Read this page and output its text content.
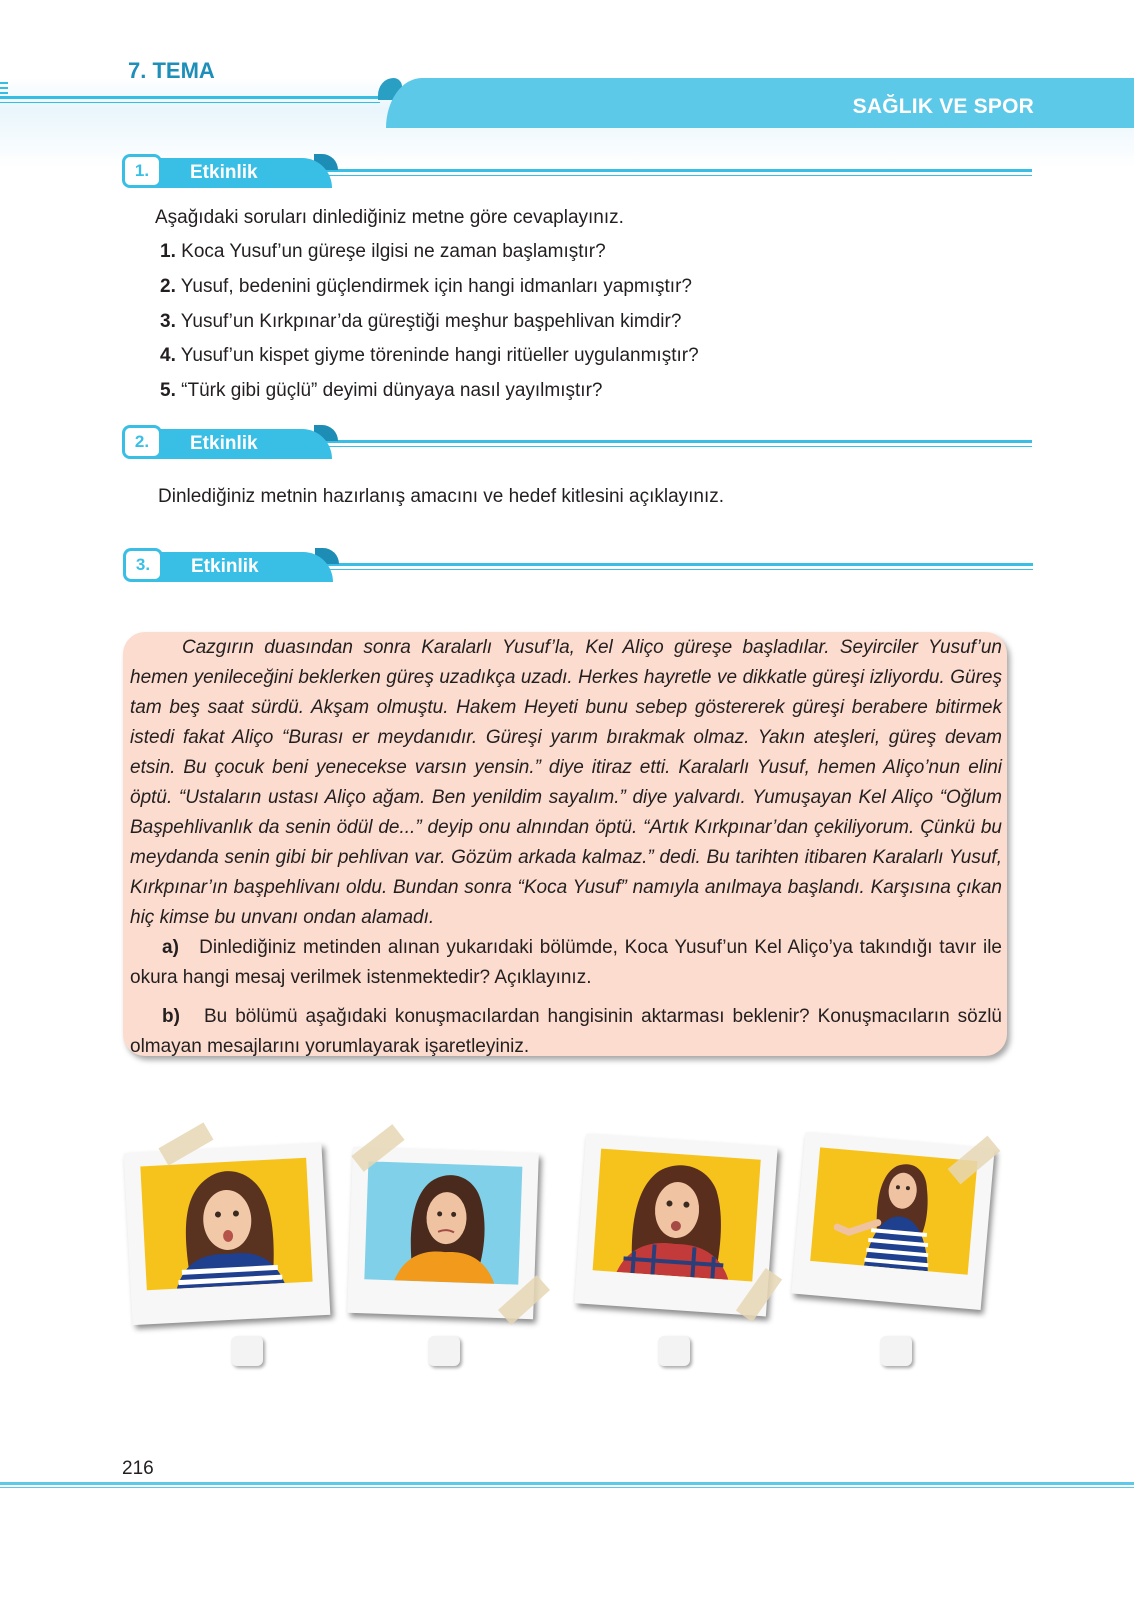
7. TEMA
SAĞLIK VE SPOR
1.	Etkinlik
Aşağıdaki soruları dinlediğiniz metne göre cevaplayınız.
1. Koca Yusuf’un güreşe ilgisi ne zaman başlamıştır?
2. Yusuf, bedenini güçlendirmek için hangi idmanları yapmıştır?
3. Yusuf’un Kırkpınar’da güreştiği meşhur başpehlivan kimdir?
4. Yusuf’un kispet giyme töreninde hangi ritüeller uygulanmıştır?
5. “Türk gibi güçlü” deyimi dünyaya nasıl yayılmıştır?
2.	Etkinlik
Dinlediğiniz metnin hazırlanış amacını ve hedef kitlesini açıklayınız.
3.	Etkinlik
Cazgırın duasından sonra Karalarlı Yusuf’la, Kel Aliço güreşe başladılar. Seyirciler Yusuf’un hemen yenileceğini beklerken güreş uzadıkça uzadı. Herkes hayretle ve dikkatle güreşi izliyordu. Güreş tam beş saat sürdü. Akşam olmuştu. Hakem Heyeti bunu sebep göstererek güreşi berabere bitirmek istedi fakat Aliço “Burası er meydanıdır. Güreşi yarım bırakmak olmaz. Yakın ateşleri, güreş devam etsin. Bu çocuk beni yenecekse varsın yensin.” diye itiraz etti. Karalarlı Yusuf, hemen Aliço’nun elini öptü. “Ustaların ustası Aliço ağam. Ben yenildim sayalım.” diye yalvardı. Yumuşayan Kel Aliço “Oğlum Başpehlivanlık da senin ödül de...” deyip onu alnından öptü. “Artık Kırkpınar’dan çekiliyorum. Çünkü bu meydanda senin gibi bir pehlivan var. Gözüm arkada kalmaz.” dedi. Bu tarihten itibaren Karalarlı Yusuf, Kırkpınar’ın başpehlivanı oldu. Bundan sonra “Koca Yusuf” namıyla anılmaya başlandı. Karşısına çıkan hiç kimse bu unvanı ondan alamadı.
a) Dinlediğiniz metinden alınan yukarıdaki bölümde, Koca Yusuf’un Kel Aliço’ya takındığı tavır ile okura hangi mesaj verilmek istenmektedir? Açıklayınız.
b) Bu bölümü aşağıdaki konuşmacılardan hangisinin aktarması beklenir? Konuşmacıların sözlü olmayan mesajlarını yorumlayarak işaretleyiniz.
216
